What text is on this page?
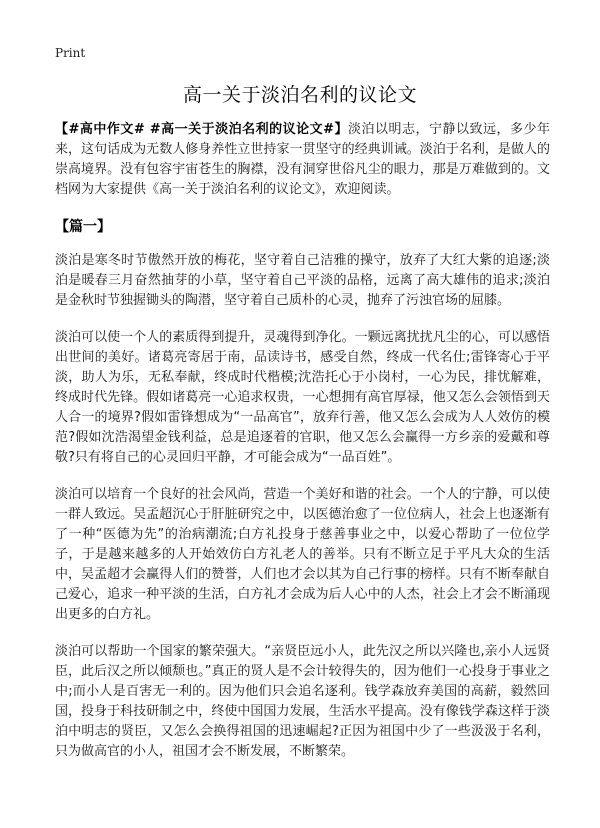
Print
高一关于淡泊名利的议论文

【#高中作文# #高一关于淡泊名利的议论文#】淡泊以明志，宁静以致远，多少年来，这句话成为无数人修身养性立世持家一贯坚守的经典训诫。淡泊于名利，是做人的崇高境界。没有包容宇宙苍生的胸襟，没有洞穿世俗凡尘的眼力，那是万难做到的。文档网为大家提供《高一关于淡泊名利的议论文》，欢迎阅读。

【篇一】

淡泊是寒冬时节傲然开放的梅花，坚守着自己洁雅的操守，放弃了大红大紫的追逐;淡泊是暖春三月奋然抽芽的小草，坚守着自己平淡的品格，远离了高大雄伟的追求;淡泊是金秋时节独握锄头的陶潜，坚守着自己质朴的心灵，抛弃了污浊官场的屈膝。

淡泊可以使一个人的素质得到提升，灵魂得到净化。一颗远离扰扰凡尘的心，可以感悟出世间的美好。诸葛亮寄居于南，品读诗书，感受自然，终成一代名仕;雷锋寄心于平淡，助人为乐，无私奉献，终成时代楷模;沈浩托心于小岗村，一心为民，排忧解难，终成时代先锋。假如诸葛亮一心追求权贵，一心想拥有高官厚禄，他又怎么会领悟到天人合一的境界?假如雷锋想成为“一品高官”，放弃行善，他又怎么会成为人人效仿的模范?假如沈浩渴望金钱利益，总是追逐着的官职，他又怎么会赢得一方乡亲的爱戴和尊敬?只有将自己的心灵回归平静，才可能会成为“一品百姓”。

淡泊可以培育一个良好的社会风尚，营造一个美好和谐的社会。一个人的宁静，可以使一群人致远。吴孟超沉心于肝脏研究之中，以医德治愈了一位位病人，社会上也逐渐有了一种“医德为先”的治病潮流;白方礼投身于慈善事业之中，以爱心帮助了一位位学子，于是越来越多的人开始效仿白方礼老人的善举。只有不断立足于平凡大众的生活中，吴孟超才会赢得人们的赞誉，人们也才会以其为自己行事的榜样。只有不断奉献自己爱心，追求一种平淡的生活，白方礼才会成为后人心中的人杰，社会上才会不断涌现出更多的白方礼。

淡泊可以帮助一个国家的繁荣强大。“亲贤臣远小人，此先汉之所以兴隆也,亲小人远贤臣，此后汉之所以倾颓也。”真正的贤人是不会计较得失的，因为他们一心投身于事业之中;而小人是百害无一利的。因为他们只会追名逐利。钱学森放弃美国的高薪，毅然回国，投身于科技研制之中，终使中国国力发展，生活水平提高。没有像钱学森这样于淡泊中明志的贤臣，又怎么会换得祖国的迅速崛起?正因为祖国中少了一些汲汲于名利，只为做高官的小人，祖国才会不断发展，不断繁荣。
